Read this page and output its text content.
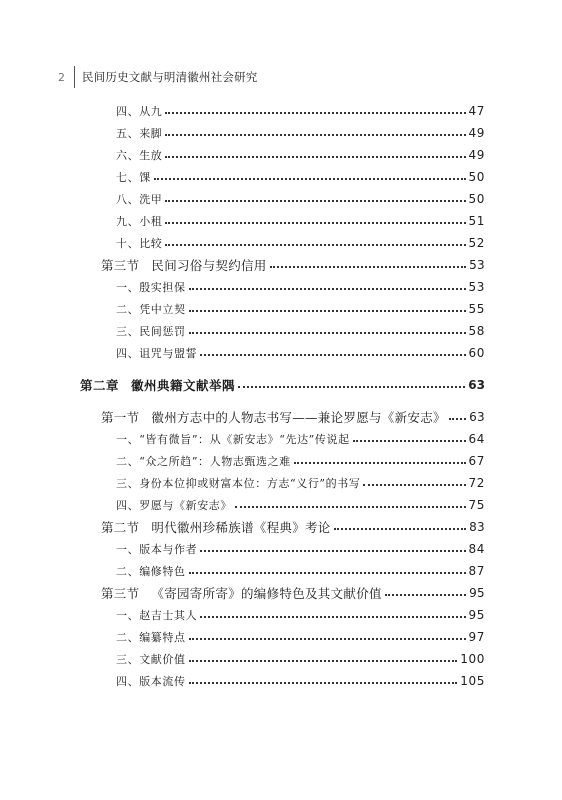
2	民间历史文献与明清徽州社会研究
四、从九	47
五、来脚	49
六、生放	49
七、馃	50
八、洗甲	50
九、小租	51
十、比较	52
第三节 民间习俗与契约信用	53
一、殷实担保	53
二、凭中立契	55
三、民间惩罚	58
四、诅咒与盟誓	60
第二章 徽州典籍文献举隅	63
第一节 徽州方志中的人物志书写——兼论罗愿与《新安志》 63
一、“皆有微旨”：从《新安志》“先达”传说起	64
二、“众之所趋”：人物志甄选之难	67
三、身份本位抑或财富本位：方志“义行”的书写	72
四、罗愿与《新安志》	75
第二节 明代徽州珍稀族谱《程典》考论	83
一、版本与作者	84
二、编修特色	87
第三节 《寄园寄所寄》的编修特色及其文献价值	95
一、赵吉士其人	95
二、编纂特点	97
三、文献价值	100
四、版本流传	105
